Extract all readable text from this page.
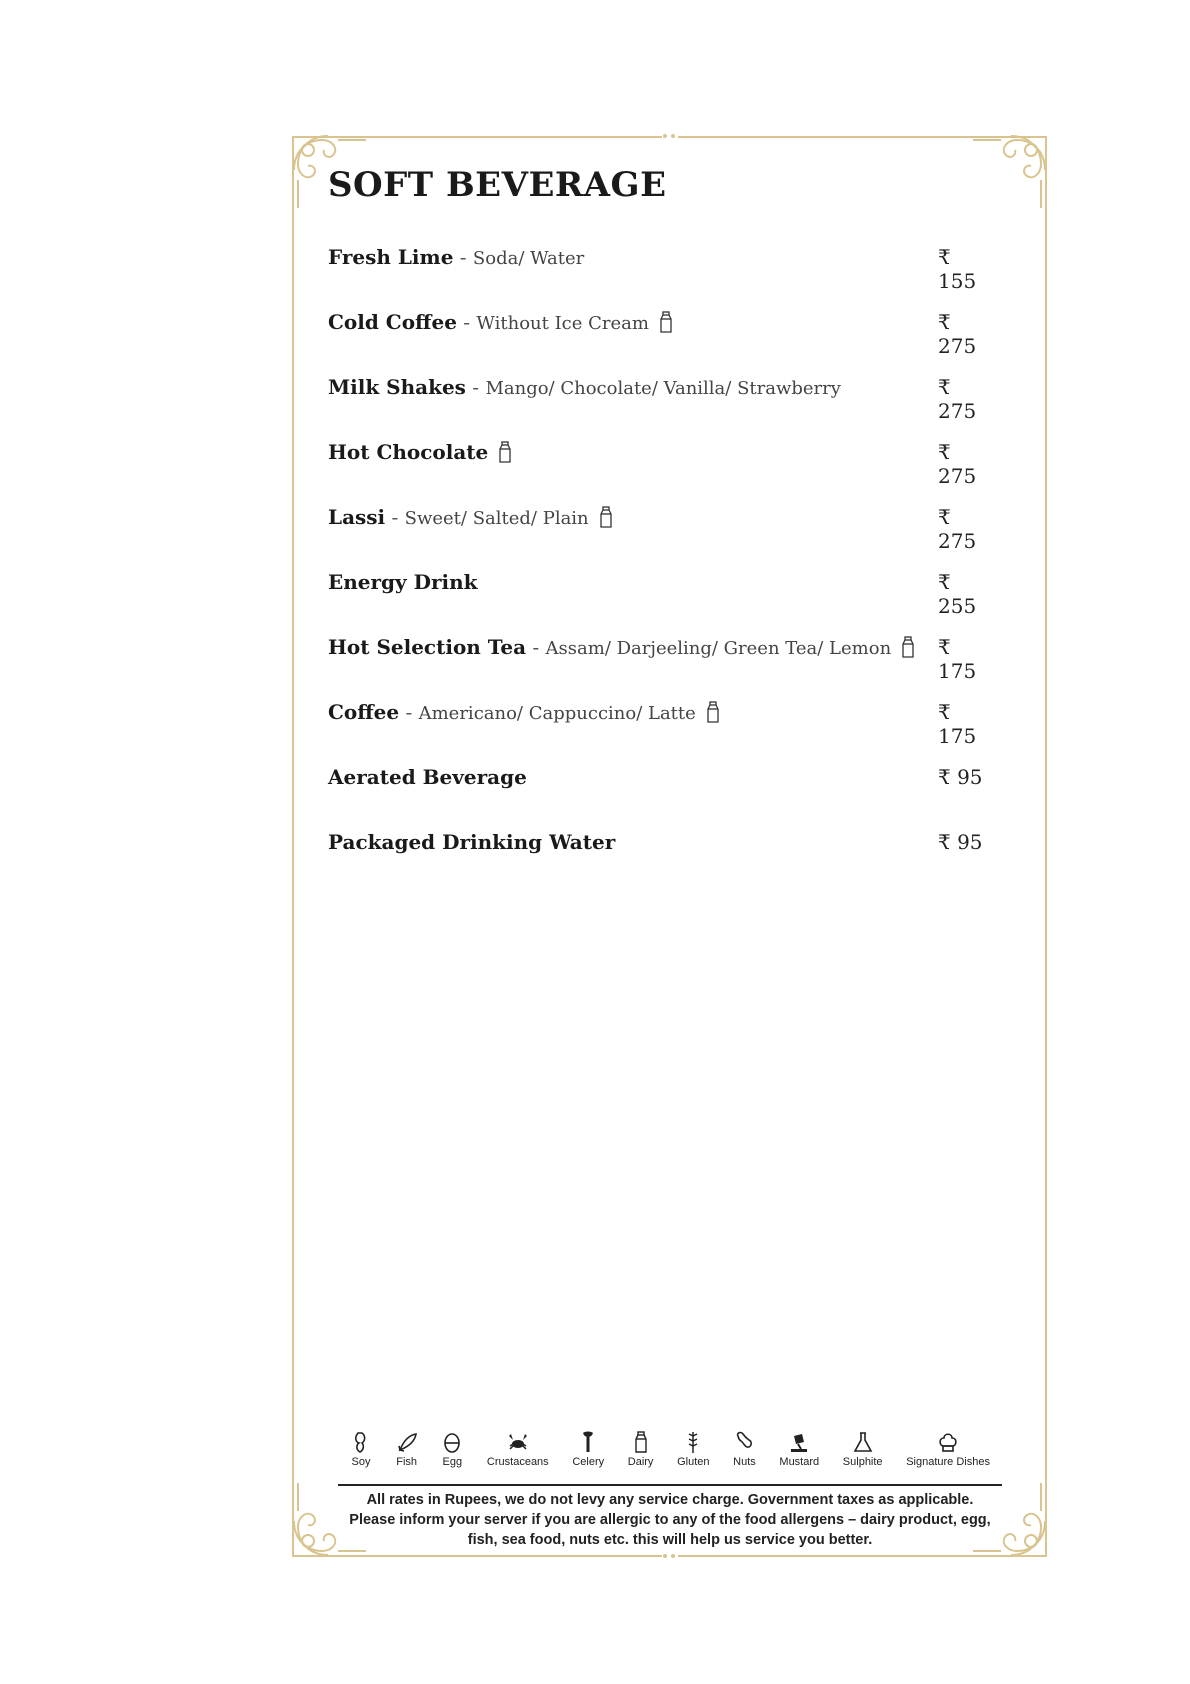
SOFT BEVERAGE
Fresh Lime - Soda/ Water	₹ 155
Cold Coffee - Without Ice Cream	₹ 275
Milk Shakes - Mango/ Chocolate/ Vanilla/ Strawberry	₹ 275
Hot Chocolate	₹ 275
Lassi - Sweet/ Salted/ Plain	₹ 275
Energy Drink	₹ 255
Hot Selection Tea - Assam/ Darjeeling/ Green Tea/ Lemon	₹ 175
Coffee - Americano/ Cappuccino/ Latte	₹ 175
Aerated Beverage	₹ 95
Packaged Drinking Water	₹ 95
Soy Fish Egg Crustaceans Celery Dairy Gluten Nuts Mustard Sulphite Signature Dishes
All rates in Rupees, we do not levy any service charge. Government taxes as applicable.
Please inform your server if you are allergic to any of the food allergens – dairy product, egg,
fish, sea food, nuts etc. this will help us service you better.
